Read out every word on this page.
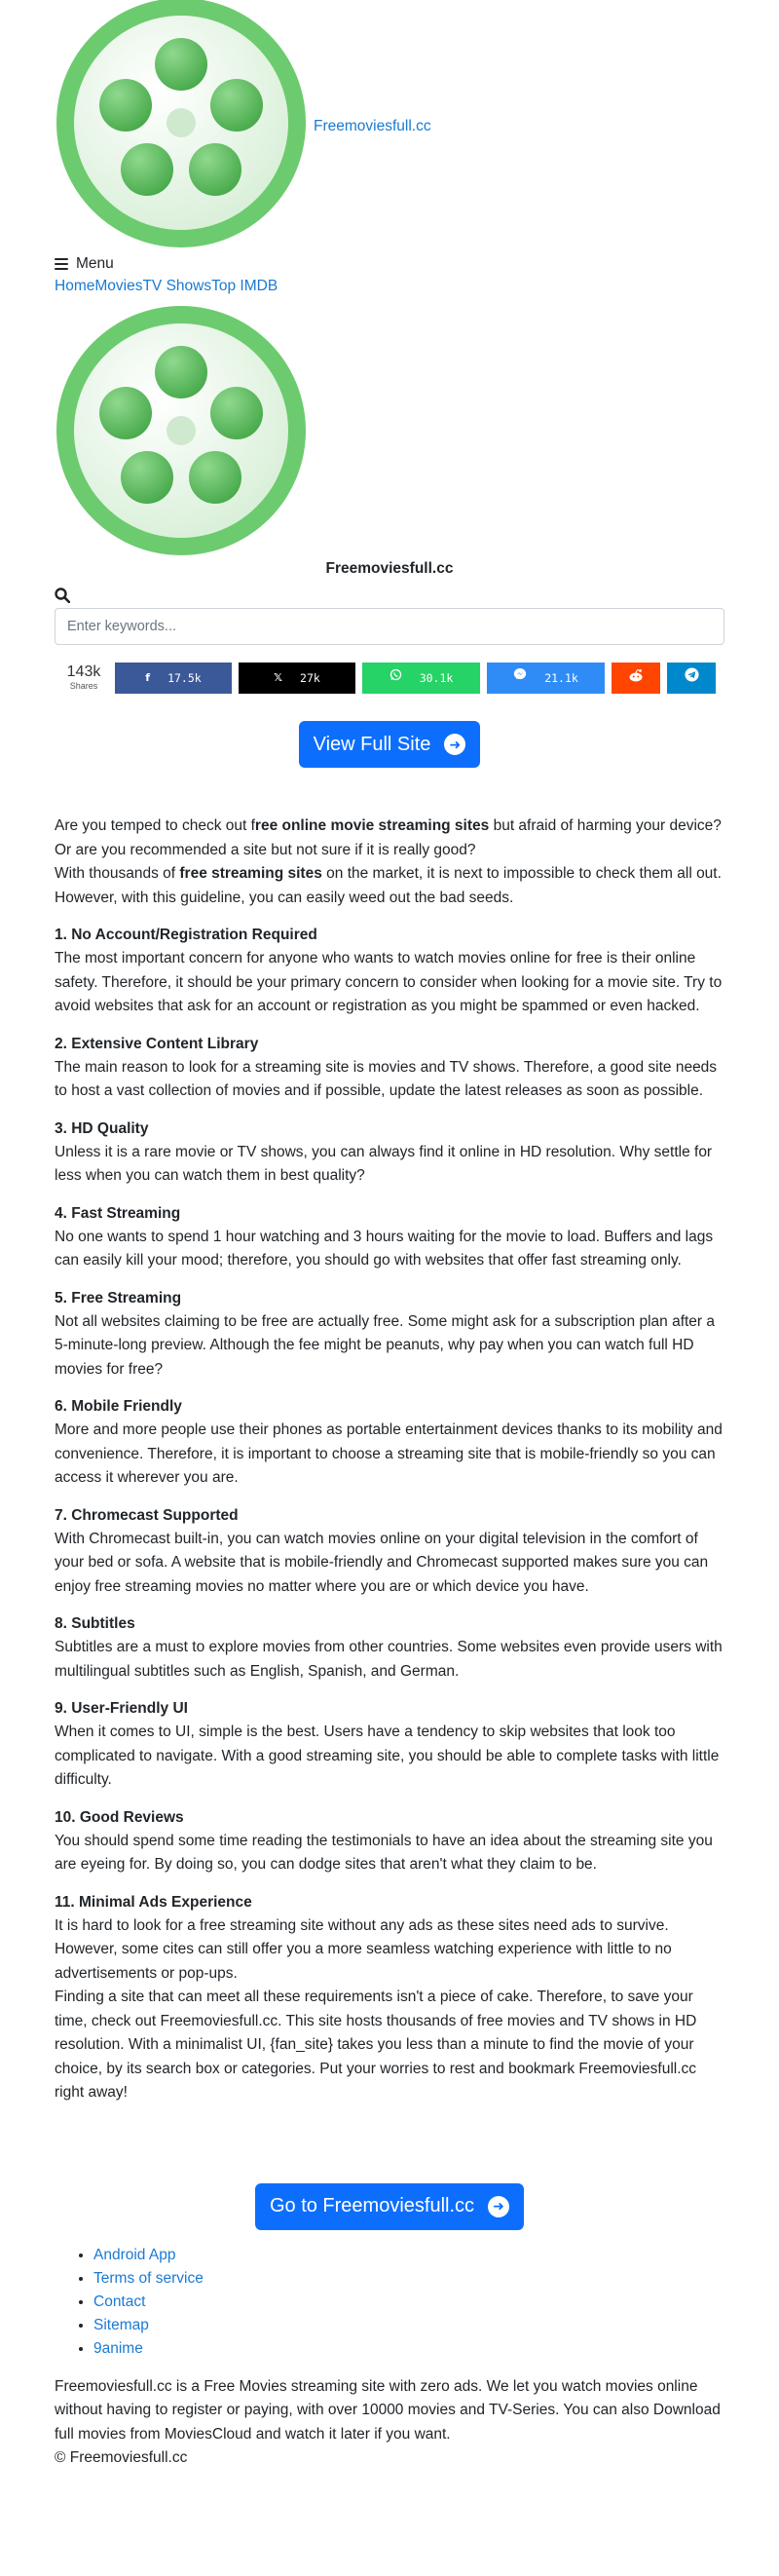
Freemoviesfull.cc
Menu
Home Movies TV Shows Top IMDB
Freemoviesfull.cc
Enter keywords...
143k
Shares
f 17.5k	𝕏 27k	30.1k	21.1k
View Full Site	➜

Are you temped to check out free online movie streaming sites but afraid of harming your device? Or are you recommended a site but not sure if it is really good?

With thousands of free streaming sites on the market, it is next to impossible to check them all out. However, with this guideline, you can easily weed out the bad seeds.

1. No Account/Registration Required

The most important concern for anyone who wants to watch movies online for free is their online safety. Therefore, it should be your primary concern to consider when looking for a movie site. Try to avoid websites that ask for an account or registration as you might be spammed or even hacked.

2. Extensive Content Library

The main reason to look for a streaming site is movies and TV shows. Therefore, a good site needs to host a vast collection of movies and if possible, update the latest releases as soon as possible.

3. HD Quality

Unless it is a rare movie or TV shows, you can always find it online in HD resolution. Why settle for less when you can watch them in best quality?

4. Fast Streaming

No one wants to spend 1 hour watching and 3 hours waiting for the movie to load. Buffers and lags can easily kill your mood; therefore, you should go with websites that offer fast streaming only.

5. Free Streaming

Not all websites claiming to be free are actually free. Some might ask for a subscription plan after a 5-minute-long preview. Although the fee might be peanuts, why pay when you can watch full HD movies for free?

6. Mobile Friendly

More and more people use their phones as portable entertainment devices thanks to its mobility and convenience. Therefore, it is important to choose a streaming site that is mobile-friendly so you can access it wherever you are.

7. Chromecast Supported

With Chromecast built-in, you can watch movies online on your digital television in the comfort of your bed or sofa. A website that is mobile-friendly and Chromecast supported makes sure you can enjoy free streaming movies no matter where you are or which device you have.

8. Subtitles

Subtitles are a must to explore movies from other countries. Some websites even provide users with multilingual subtitles such as English, Spanish, and German.

9. User-Friendly UI

When it comes to UI, simple is the best. Users have a tendency to skip websites that look too complicated to navigate. With a good streaming site, you should be able to complete tasks with little difficulty.

10. Good Reviews

You should spend some time reading the testimonials to have an idea about the streaming site you are eyeing for. By doing so, you can dodge sites that aren't what they claim to be.

11. Minimal Ads Experience

It is hard to look for a free streaming site without any ads as these sites need ads to survive. However, some cites can still offer you a more seamless watching experience with little to no advertisements or pop-ups.

Finding a site that can meet all these requirements isn't a piece of cake. Therefore, to save your time, check out Freemoviesfull.cc. This site hosts thousands of free movies and TV shows in HD resolution. With a minimalist UI, {fan_site} takes you less than a minute to find the movie of your choice, by its search box or categories. Put your worries to rest and bookmark Freemoviesfull.cc right away!

Go to Freemoviesfull.cc	➜
• Android App
• Terms of service
• Contact
• Sitemap
• 9anime

Freemoviesfull.cc is a Free Movies streaming site with zero ads. We let you watch movies online without having to register or paying, with over 10000 movies and TV-Series. You can also Download full movies from MoviesCloud and watch it later if you want.

© Freemoviesfull.cc
